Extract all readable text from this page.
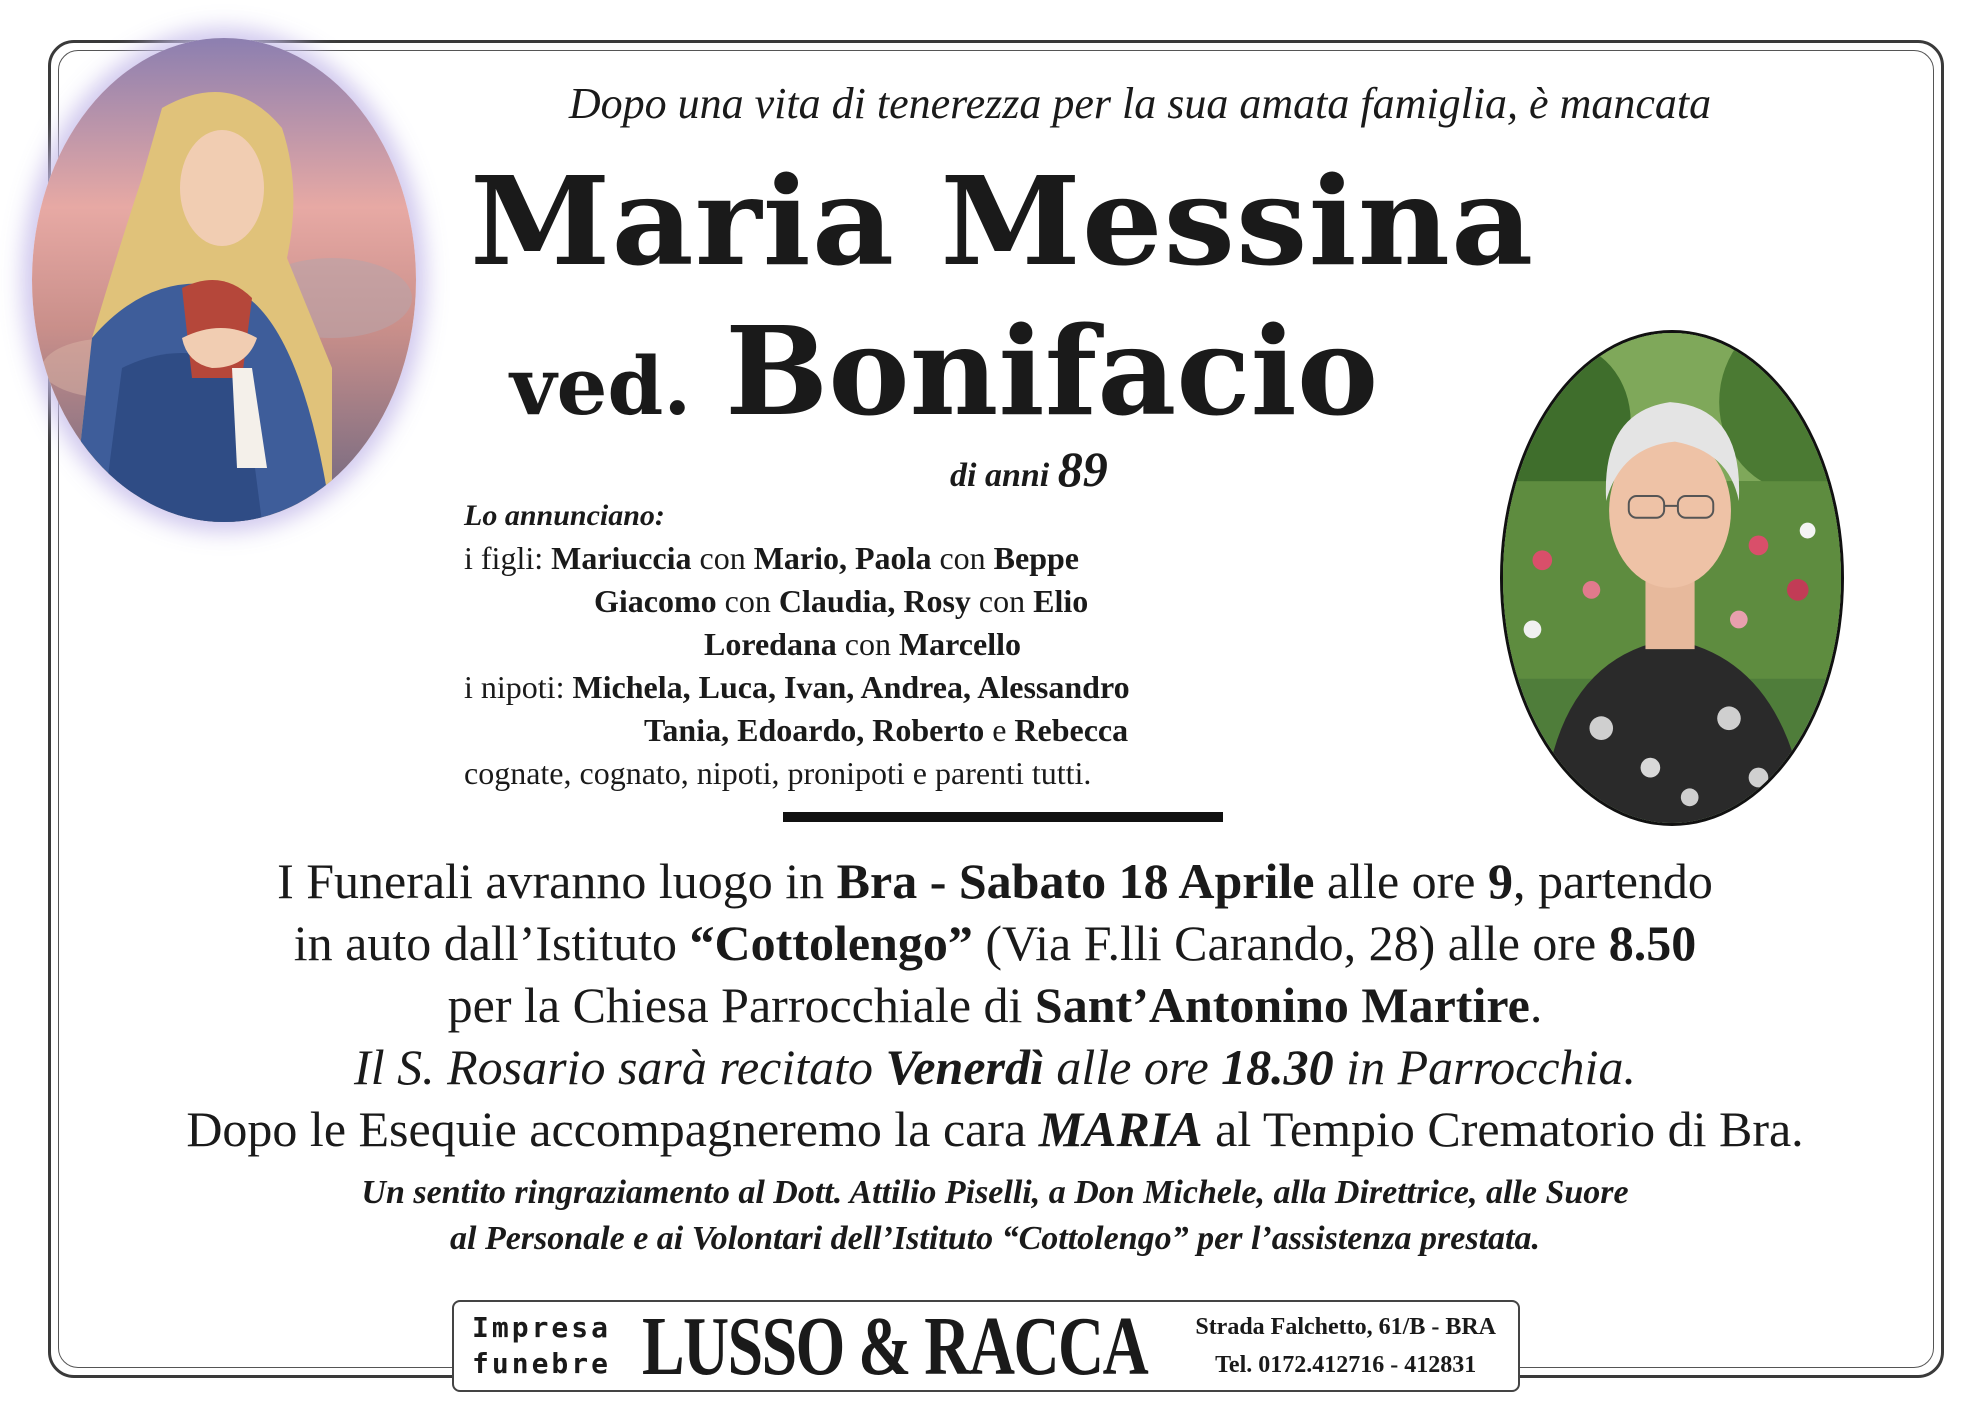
Dopo una vita di tenerezza per la sua amata famiglia, è mancata
Maria Messina
ved. Bonifacio
di anni 89
Lo annunciano:
i figli: Mariuccia con Mario, Paola con Beppe
Giacomo con Claudia, Rosy con Elio
Loredana con Marcello
i nipoti: Michela, Luca, Ivan, Andrea, Alessandro
Tania, Edoardo, Roberto e Rebecca
cognate, cognato, nipoti, pronipoti e parenti tutti.
I Funerali avranno luogo in Bra - Sabato 18 Aprile alle ore 9, partendo
in auto dall’Istituto “Cottolengo” (Via F.lli Carando, 28) alle ore 8.50
per la Chiesa Parrocchiale di Sant’Antonino Martire.
Il S. Rosario sarà recitato Venerdì alle ore 18.30 in Parrocchia.
Dopo le Esequie accompagneremo la cara MARIA al Tempio Crematorio di Bra.
Un sentito ringraziamento al Dott. Attilio Piselli, a Don Michele, alla Direttrice, alle Suore
al Personale e ai Volontari dell’Istituto “Cottolengo” per l’assistenza prestata.
Impresa
funebre LUSSO & RACCA Strada Falchetto, 61/B - BRA
Tel. 0172.412716 - 412831
